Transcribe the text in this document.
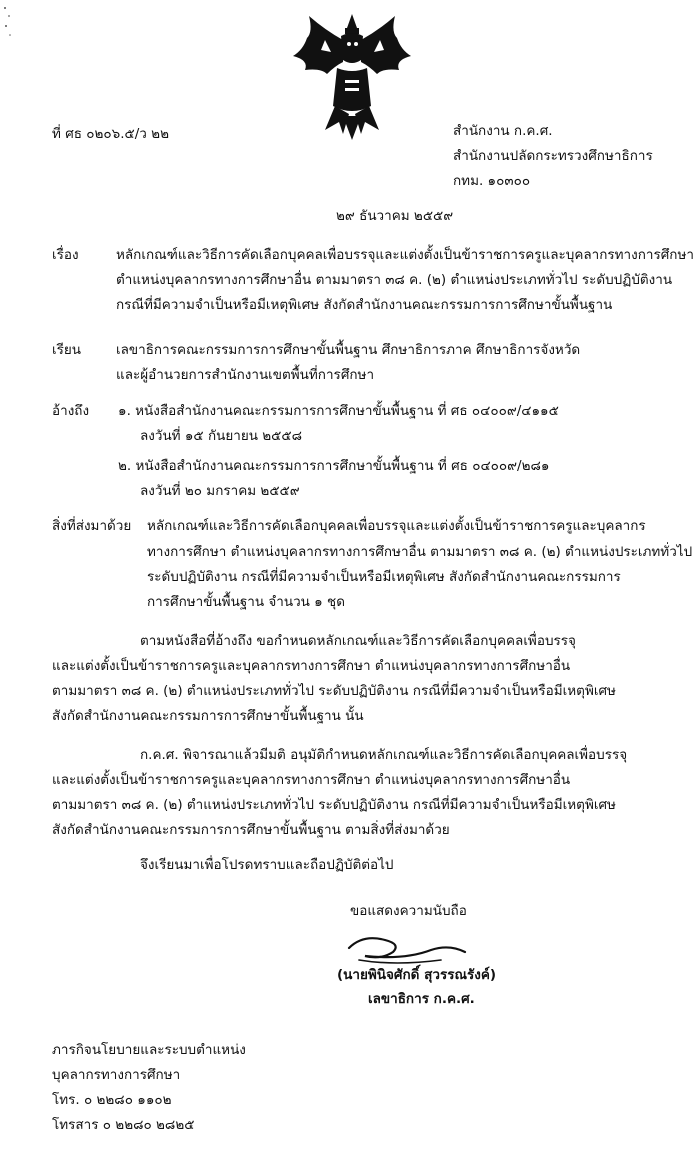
ที่ ศธ ๐๒๐๖.๕/ว ๒๒	สำนักงาน ก.ค.ศ.
สำนักงานปลัดกระทรวงศึกษาธิการ
กทม. ๑๐๓๐๐
๒๙ ธันวาคม ๒๕๕๙
เรื่อง	หลักเกณฑ์และวิธีการคัดเลือกบุคคลเพื่อบรรจุและแต่งตั้งเป็นข้าราชการครูและบุคลากรทางการศึกษา
ตำแหน่งบุคลากรทางการศึกษาอื่น ตามมาตรา ๓๘ ค. (๒) ตำแหน่งประเภททั่วไป ระดับปฏิบัติงาน
กรณีที่มีความจำเป็นหรือมีเหตุพิเศษ สังกัดสำนักงานคณะกรรมการการศึกษาขั้นพื้นฐาน
เรียน	เลขาธิการคณะกรรมการการศึกษาขั้นพื้นฐาน ศึกษาธิการภาค ศึกษาธิการจังหวัด
และผู้อำนวยการสำนักงานเขตพื้นที่การศึกษา
อ้างถึง ๑. หนังสือสำนักงานคณะกรรมการการศึกษาขั้นพื้นฐาน ที่ ศธ ๐๔๐๐๙/๔๑๑๕
ลงวันที่ ๑๕ กันยายน ๒๕๕๘
๒. หนังสือสำนักงานคณะกรรมการการศึกษาขั้นพื้นฐาน ที่ ศธ ๐๔๐๐๙/๒๘๑
ลงวันที่ ๒๐ มกราคม ๒๕๕๙
สิ่งที่ส่งมาด้วย หลักเกณฑ์และวิธีการคัดเลือกบุคคลเพื่อบรรจุและแต่งตั้งเป็นข้าราชการครูและบุคลากร
ทางการศึกษา ตำแหน่งบุคลากรทางการศึกษาอื่น ตามมาตรา ๓๘ ค. (๒) ตำแหน่งประเภททั่วไป
ระดับปฏิบัติงาน กรณีที่มีความจำเป็นหรือมีเหตุพิเศษ สังกัดสำนักงานคณะกรรมการ
การศึกษาขั้นพื้นฐาน จำนวน ๑ ชุด
ตามหนังสือที่อ้างถึง ขอกำหนดหลักเกณฑ์และวิธีการคัดเลือกบุคคลเพื่อบรรจุ
และแต่งตั้งเป็นข้าราชการครูและบุคลากรทางการศึกษา ตำแหน่งบุคลากรทางการศึกษาอื่น
ตามมาตรา ๓๘ ค. (๒) ตำแหน่งประเภททั่วไป ระดับปฏิบัติงาน กรณีที่มีความจำเป็นหรือมีเหตุพิเศษ
สังกัดสำนักงานคณะกรรมการการศึกษาขั้นพื้นฐาน นั้น
ก.ค.ศ. พิจารณาแล้วมีมติ อนุมัติกำหนดหลักเกณฑ์และวิธีการคัดเลือกบุคคลเพื่อบรรจุ
และแต่งตั้งเป็นข้าราชการครูและบุคลากรทางการศึกษา ตำแหน่งบุคลากรทางการศึกษาอื่น
ตามมาตรา ๓๘ ค. (๒) ตำแหน่งประเภททั่วไป ระดับปฏิบัติงาน กรณีที่มีความจำเป็นหรือมีเหตุพิเศษ
สังกัดสำนักงานคณะกรรมการการศึกษาขั้นพื้นฐาน ตามสิ่งที่ส่งมาด้วย
จึงเรียนมาเพื่อโปรดทราบและถือปฏิบัติต่อไป
ขอแสดงความนับถือ
(นายพินิจศักดิ์ สุวรรณรังค์)
เลขาธิการ ก.ค.ศ.
ภารกิจนโยบายและระบบตำแหน่ง
บุคลากรทางการศึกษา
โทร. ๐ ๒๒๘๐ ๑๑๐๒
โทรสาร ๐ ๒๒๘๐ ๒๘๒๕
